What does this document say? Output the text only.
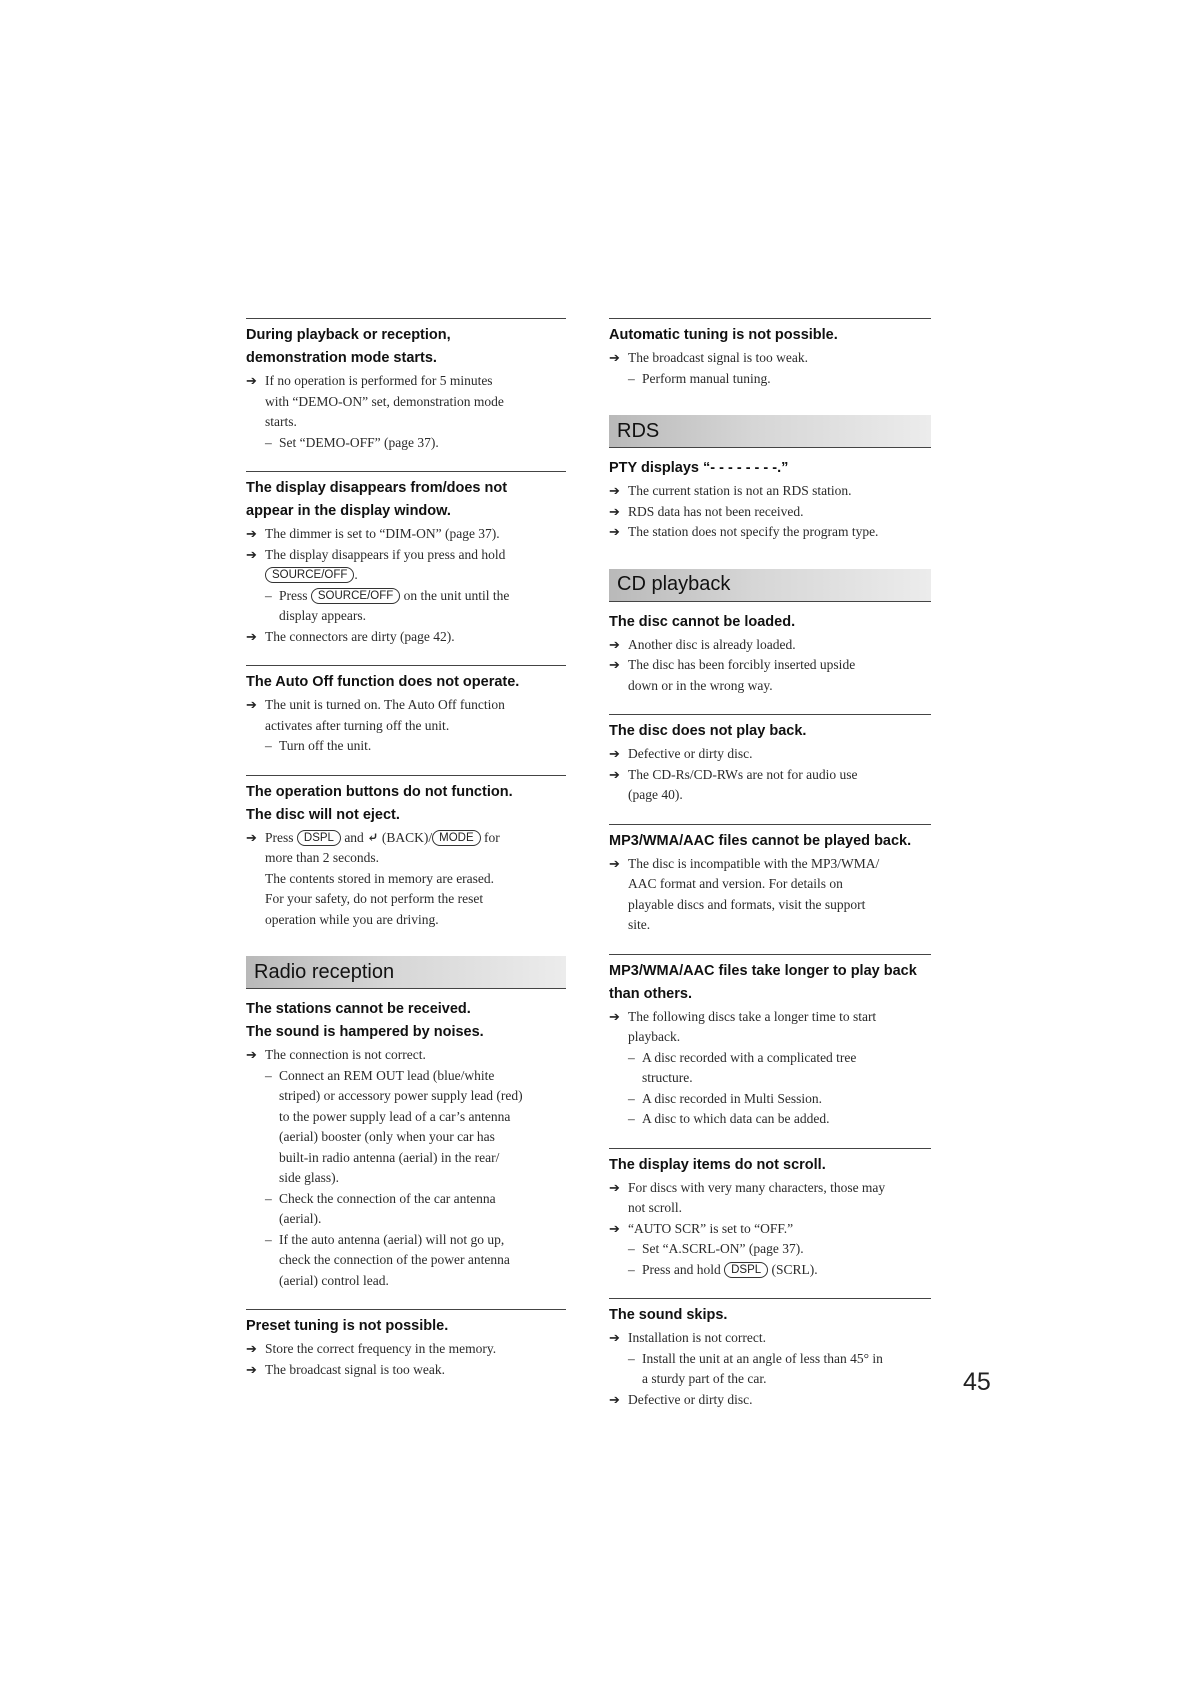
During playback or reception,
demonstration mode starts.
➔ If no operation is performed for 5 minutes
with “DEMO-ON” set, demonstration mode
starts.
– Set “DEMO-OFF” (page 37).
The display disappears from/does not
appear in the display window.
➔ The dimmer is set to “DIM-ON” (page 37).
➔ The display disappears if you press and hold
SOURCE/OFF .
– Press SOURCE/OFF on the unit until the
display appears.
➔ The connectors are dirty (page 42).
The Auto Off function does not operate.
➔ The unit is turned on. The Auto Off function
activates after turning off the unit.
– Turn off the unit.
The operation buttons do not function.
The disc will not eject.
➔ Press DSPL and ⤶ (BACK)/ MODE for
more than 2 seconds.
The contents stored in memory are erased.
For your safety, do not perform the reset
operation while you are driving.
Radio reception
The stations cannot be received.
The sound is hampered by noises.
➔ The connection is not correct.
– Connect an REM OUT lead (blue/white
striped) or accessory power supply lead (red)
to the power supply lead of a car’s antenna
(aerial) booster (only when your car has
built-in radio antenna (aerial) in the rear/
side glass).
– Check the connection of the car antenna
(aerial).
– If the auto antenna (aerial) will not go up,
check the connection of the power antenna
(aerial) control lead.
Preset tuning is not possible.
➔ Store the correct frequency in the memory.
➔ The broadcast signal is too weak.
Automatic tuning is not possible.
➔ The broadcast signal is too weak.
– Perform manual tuning.
RDS
PTY displays “- - - - - - - -.”
➔ The current station is not an RDS station.
➔ RDS data has not been received.
➔ The station does not specify the program type.
CD playback
The disc cannot be loaded.
➔ Another disc is already loaded.
➔ The disc has been forcibly inserted upside
down or in the wrong way.
The disc does not play back.
➔ Defective or dirty disc.
➔ The CD-Rs/CD-RWs are not for audio use
(page 40).
MP3/WMA/AAC files cannot be played back.
➔ The disc is incompatible with the MP3/WMA/
AAC format and version. For details on
playable discs and formats, visit the support
site.
MP3/WMA/AAC files take longer to play back
than others.
➔ The following discs take a longer time to start
playback.
– A disc recorded with a complicated tree
structure.
– A disc recorded in Multi Session.
– A disc to which data can be added.
The display items do not scroll.
➔ For discs with very many characters, those may
not scroll.
➔ “AUTO SCR” is set to “OFF.”
– Set “A.SCRL-ON” (page 37).
– Press and hold DSPL (SCRL).
The sound skips.
➔ Installation is not correct.
– Install the unit at an angle of less than 45° in
a sturdy part of the car.
➔ Defective or dirty disc.
45
